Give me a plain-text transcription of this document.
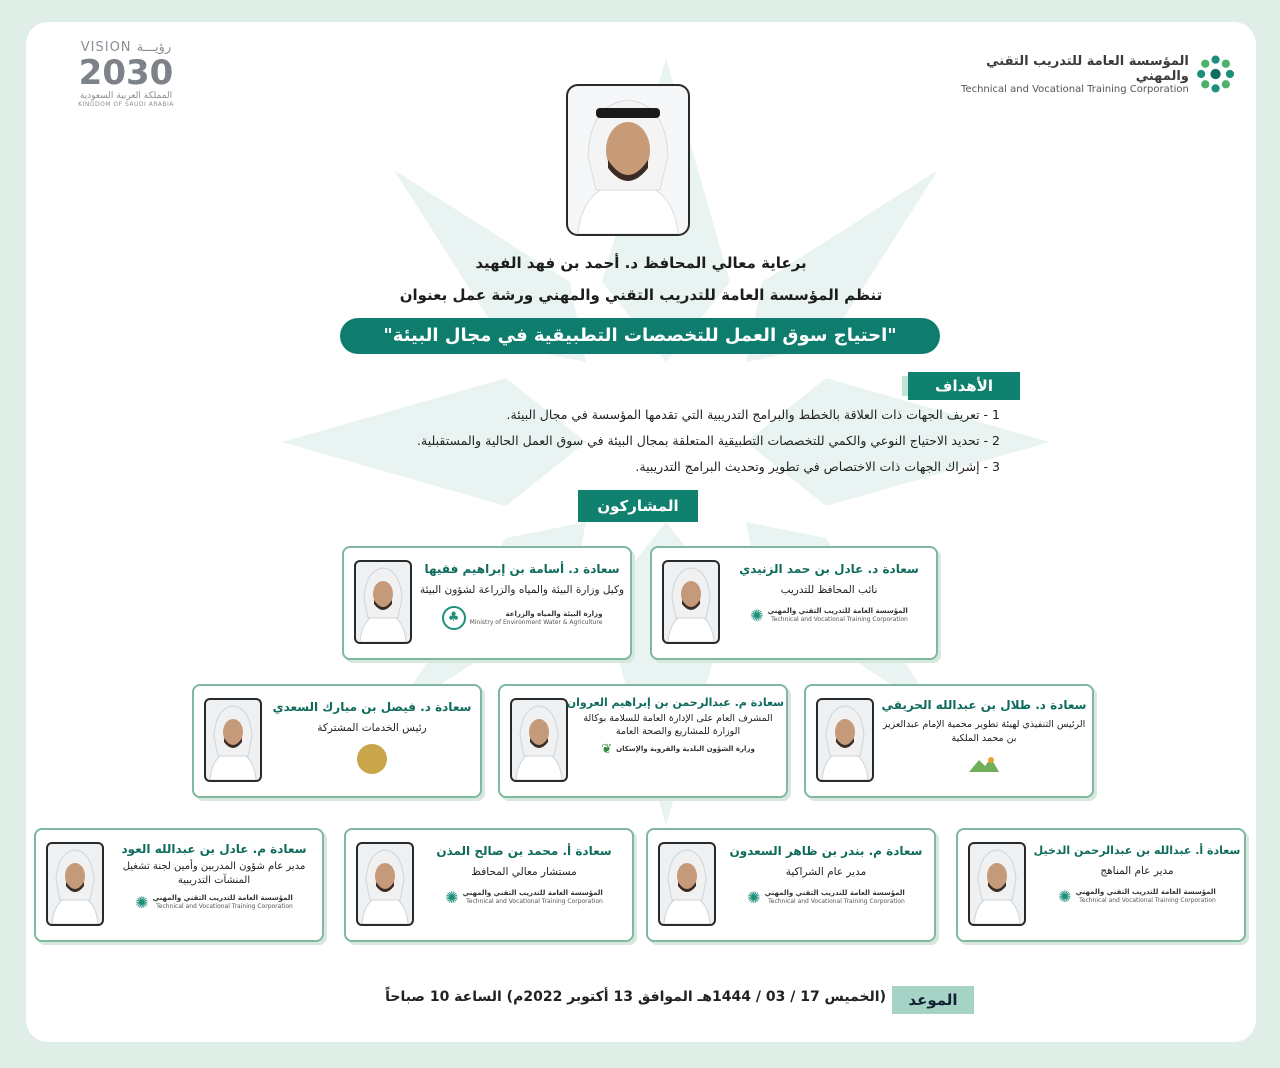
VISION رؤيـــة
2030
المملكة العربية السعودية
KINGDOM OF SAUDI ARABIA
المؤسسة العامة للتدريب التقني والمهني
Technical and Vocational Training Corporation
برعاية معالي المحافظ د. أحمد بن فهد الفهيد
تنظم المؤسسة العامة للتدريب التقني والمهني ورشة عمل بعنوان
"احتياج سوق العمل للتخصصات التطبيقية في مجال البيئة"
الأهداف
1 - تعريف الجهات ذات العلاقة بالخطط والبرامج التدريبية التي تقدمها المؤسسة في مجال البيئة.
2 - تحديد الاحتياج النوعي والكمي للتخصصات التطبيقية المتعلقة بمجال البيئة في سوق العمل الحالية والمستقبلية.
3 - إشراك الجهات ذات الاختصاص في تطوير وتحديث البرامج التدريبية.
المشاركون
سعادة د. عادل بن حمد الزنيدي
نائب المحافظ للتدريب
المؤسسة العامة للتدريب التقني والمهني
Technical and Vocational Training Corporation
✺
سعادة د. أسامة بن إبراهيم فقيها
وكيل وزارة البيئة والمياه والزراعة لشؤون البيئة
وزارة البيئة والمياه والزراعة
Ministry of Environment Water & Agriculture
♣
سعادة د. طلال بن عبدالله الحريقي
الرئيس التنفيذي لهيئة تطوير محمية الإمام عبدالعزيز بن محمد الملكية
سعادة م. عبدالرحمن بن إبراهيم العروان
المشرف العام على الإدارة العامة للسلامة بوكالة الوزارة للمشاريع والصحة العامة
وزارة الشؤون البلدية والقروية والإسكان
❦
سعادة د. فيصل بن مبارك السعدي
رئيس الخدمات المشتركة
سعادة أ. عبدالله بن عبدالرحمن الدخيل
مدير عام المناهج
المؤسسة العامة للتدريب التقني والمهني
Technical and Vocational Training Corporation
✺
سعادة م. بندر بن ظاهر السعدون
مدير عام الشراكية
المؤسسة العامة للتدريب التقني والمهني
Technical and Vocational Training Corporation
✺
سعادة أ. محمد بن صالح المذن
مستشار معالي المحافظ
المؤسسة العامة للتدريب التقني والمهني
Technical and Vocational Training Corporation
✺
سعادة م. عادل بن عبدالله العود
مدير عام شؤون المدربين وأمين لجنة تشغيل المنشآت التدريبية
المؤسسة العامة للتدريب التقني والمهني
Technical and Vocational Training Corporation
✺
الموعد
(الخميس 17 / 03 / 1444هـ الموافق 13 أكتوبر 2022م) الساعة 10 صباحاً
